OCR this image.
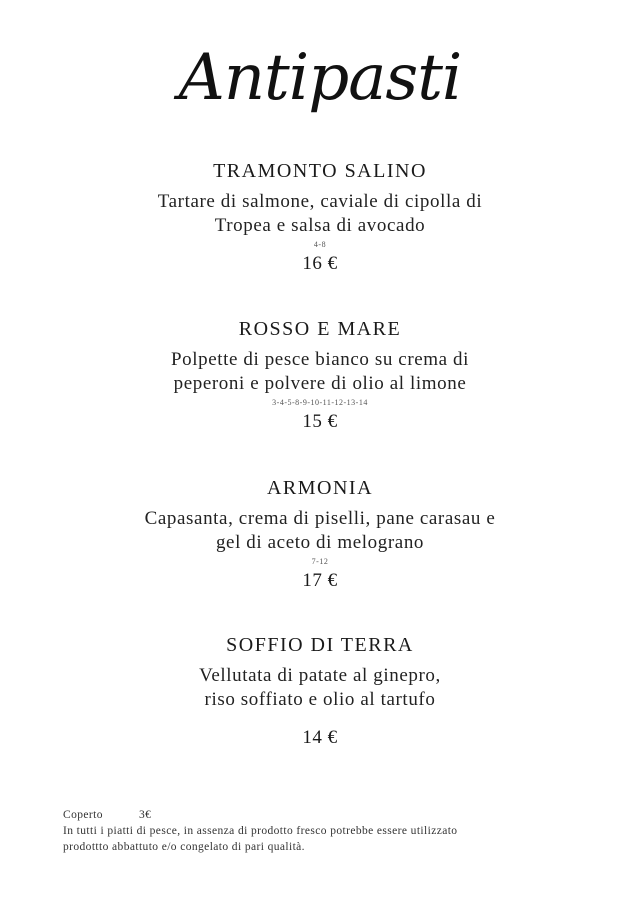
Antipasti
TRAMONTO SALINO
Tartare di salmone, caviale di cipolla di
Tropea e salsa di avocado
4-8
16 €
ROSSO E MARE
Polpette di pesce bianco su crema di
peperoni e polvere di olio al limone
3-4-5-8-9-10-11-12-13-14
15 €
ARMONIA
Capasanta, crema di piselli, pane carasau e
gel di aceto di melograno
7-12
17 €
SOFFIO DI TERRA
Vellutata di patate al ginepro,
riso soffiato e olio al tartufo
14 €
Coperto	3€
In tutti i piatti di pesce, in assenza di prodotto fresco potrebbe essere utilizzato
prodottto abbattuto e/o congelato di pari qualità.
